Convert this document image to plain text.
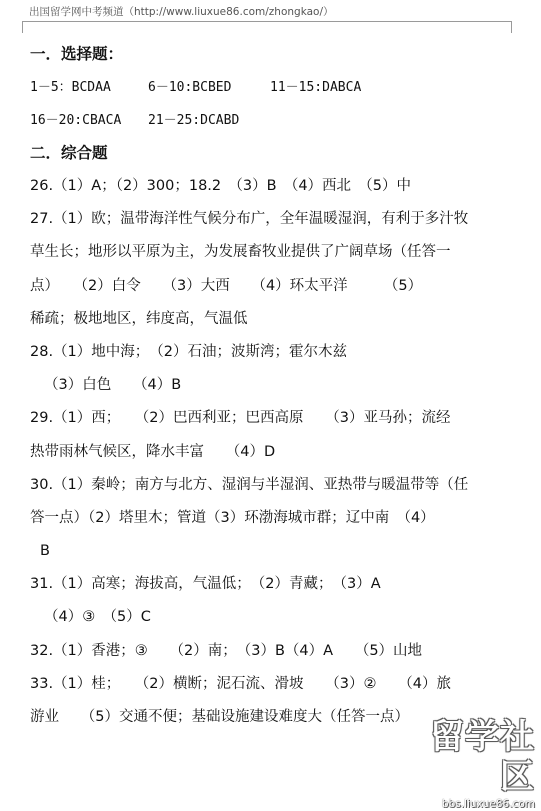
出国留学网中考频道（http://www.liuxue86.com/zhongkao/）
一．选择题：
1－5：BCDAA	6－10:BCBED	11－15:DABCA
16－20:CBACA 21－25:DCABD
二．综合题
26.（1）A；（2）300；18.2　（3）B　（4）西北　（5）中
27.（1）欧；温带海洋性气候分布广，全年温暖湿润，有利于多汁牧
草生长；地形以平原为主，为发展畜牧业提供了广阔草场（任答一
点）　　（2）白令　　（3）大西　　（4）环太平洋　　　（5）
稀疏；极地地区，纬度高，气温低
28.（1）地中海；　（2）石油；波斯湾；霍尔木兹
（3）白色　　（4）B
29.（1）西；　　（2）巴西利亚；巴西高原　　（3）亚马孙；流经
热带雨林气候区，降水丰富　　（4）D
30.（1）秦岭；南方与北方、湿润与半湿润、亚热带与暖温带等（任
答一点）（2）塔里木；管道（3）环渤海城市群；辽中南　（4）
B
31.（1）高寒；海拔高，气温低；　（2）青藏；　（3）A
（4）③　（5）C
32.（1）香港；③　　（2）南；　（3）B（4）A　　（5）山地
33.（1）桂；　　（2）横断；泥石流、滑坡　　（3）②　　（4）旅
游业　　（5）交通不便；基础设施建设难度大（任答一点） 留学社区
bbs.liuxue86.com
